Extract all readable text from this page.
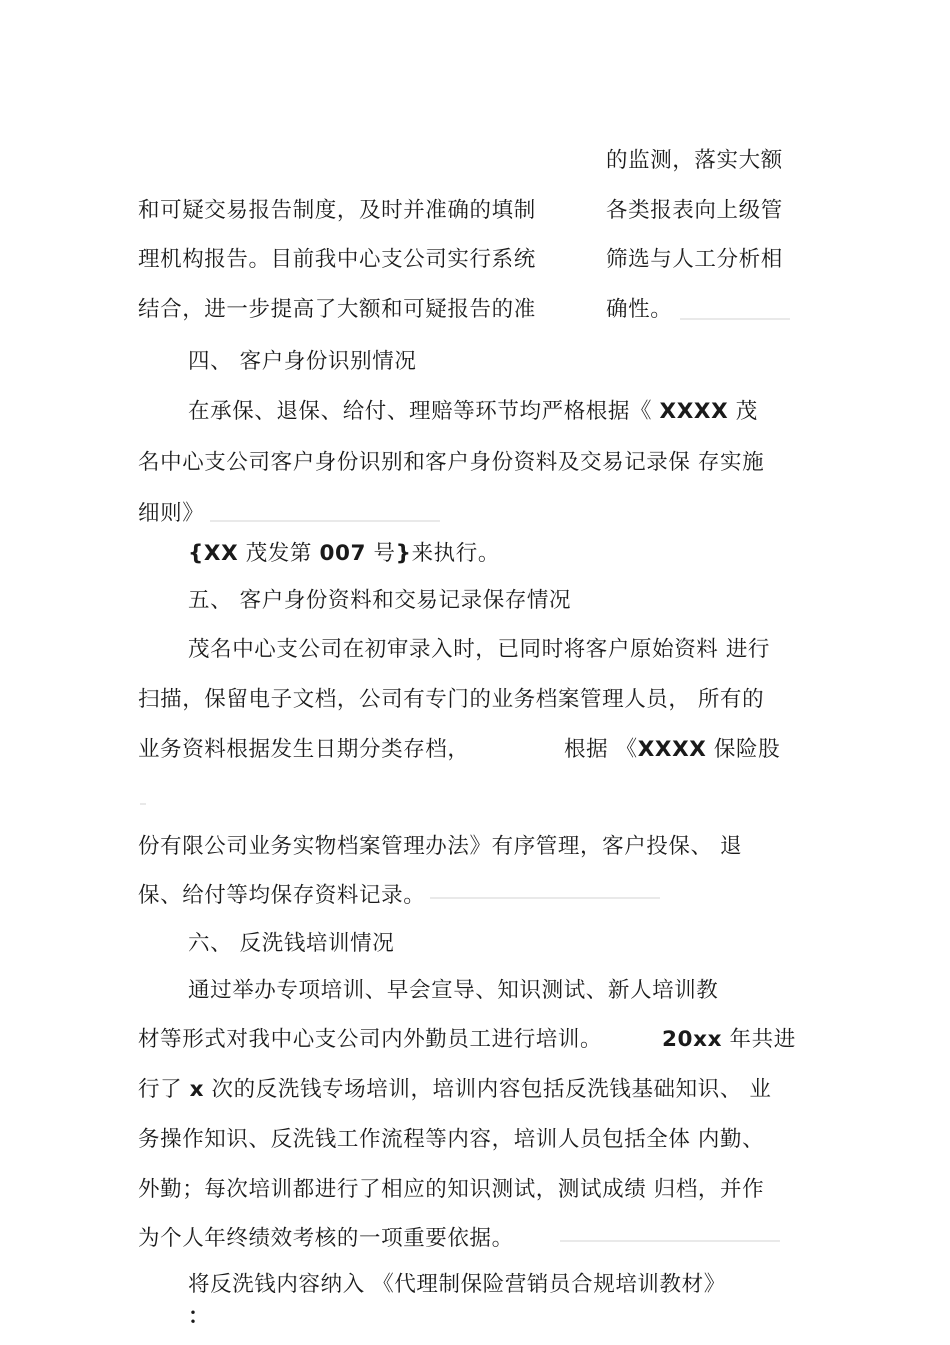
的监测，落实大额
各类报表向上级管
筛选与人工分析相
确性。
和可疑交易报告制度，及时并准确的填制
理机构报告。目前我中心支公司实行系统
结合，进一步提高了大额和可疑报告的准
四、 客户身份识别情况
在承保、退保、给付、理赔等环节均严格根据《 XXXX 茂
名中心支公司客户身份识别和客户身份资料及交易记录保 存实施
细则》
{XX 茂发第 007 号}来执行。
五、 客户身份资料和交易记录保存情况
茂名中心支公司在初审录入时，已同时将客户原始资料 进行
扫描，保留电子文档，公司有专门的业务档案管理人员， 所有的
业务资料根据发生日期分类存档，	根据 《XXXX 保险股
份有限公司业务实物档案管理办法》有序管理，客户投保、 退
保、给付等均保存资料记录。
六、 反洗钱培训情况
通过举办专项培训、早会宣导、知识测试、新人培训教
材等形式对我中心支公司内外勤员工进行培训。	20xx 年共进
行了 x 次的反洗钱专场培训，培训内容包括反洗钱基础知识、 业
务操作知识、反洗钱工作流程等内容，培训人员包括全体 内勤、
外勤；每次培训都进行了相应的知识测试，测试成绩 归档，并作
为个人年终绩效考核的一项重要依据。
将反洗钱内容纳入 《代理制保险营销员合规培训教材》
：
